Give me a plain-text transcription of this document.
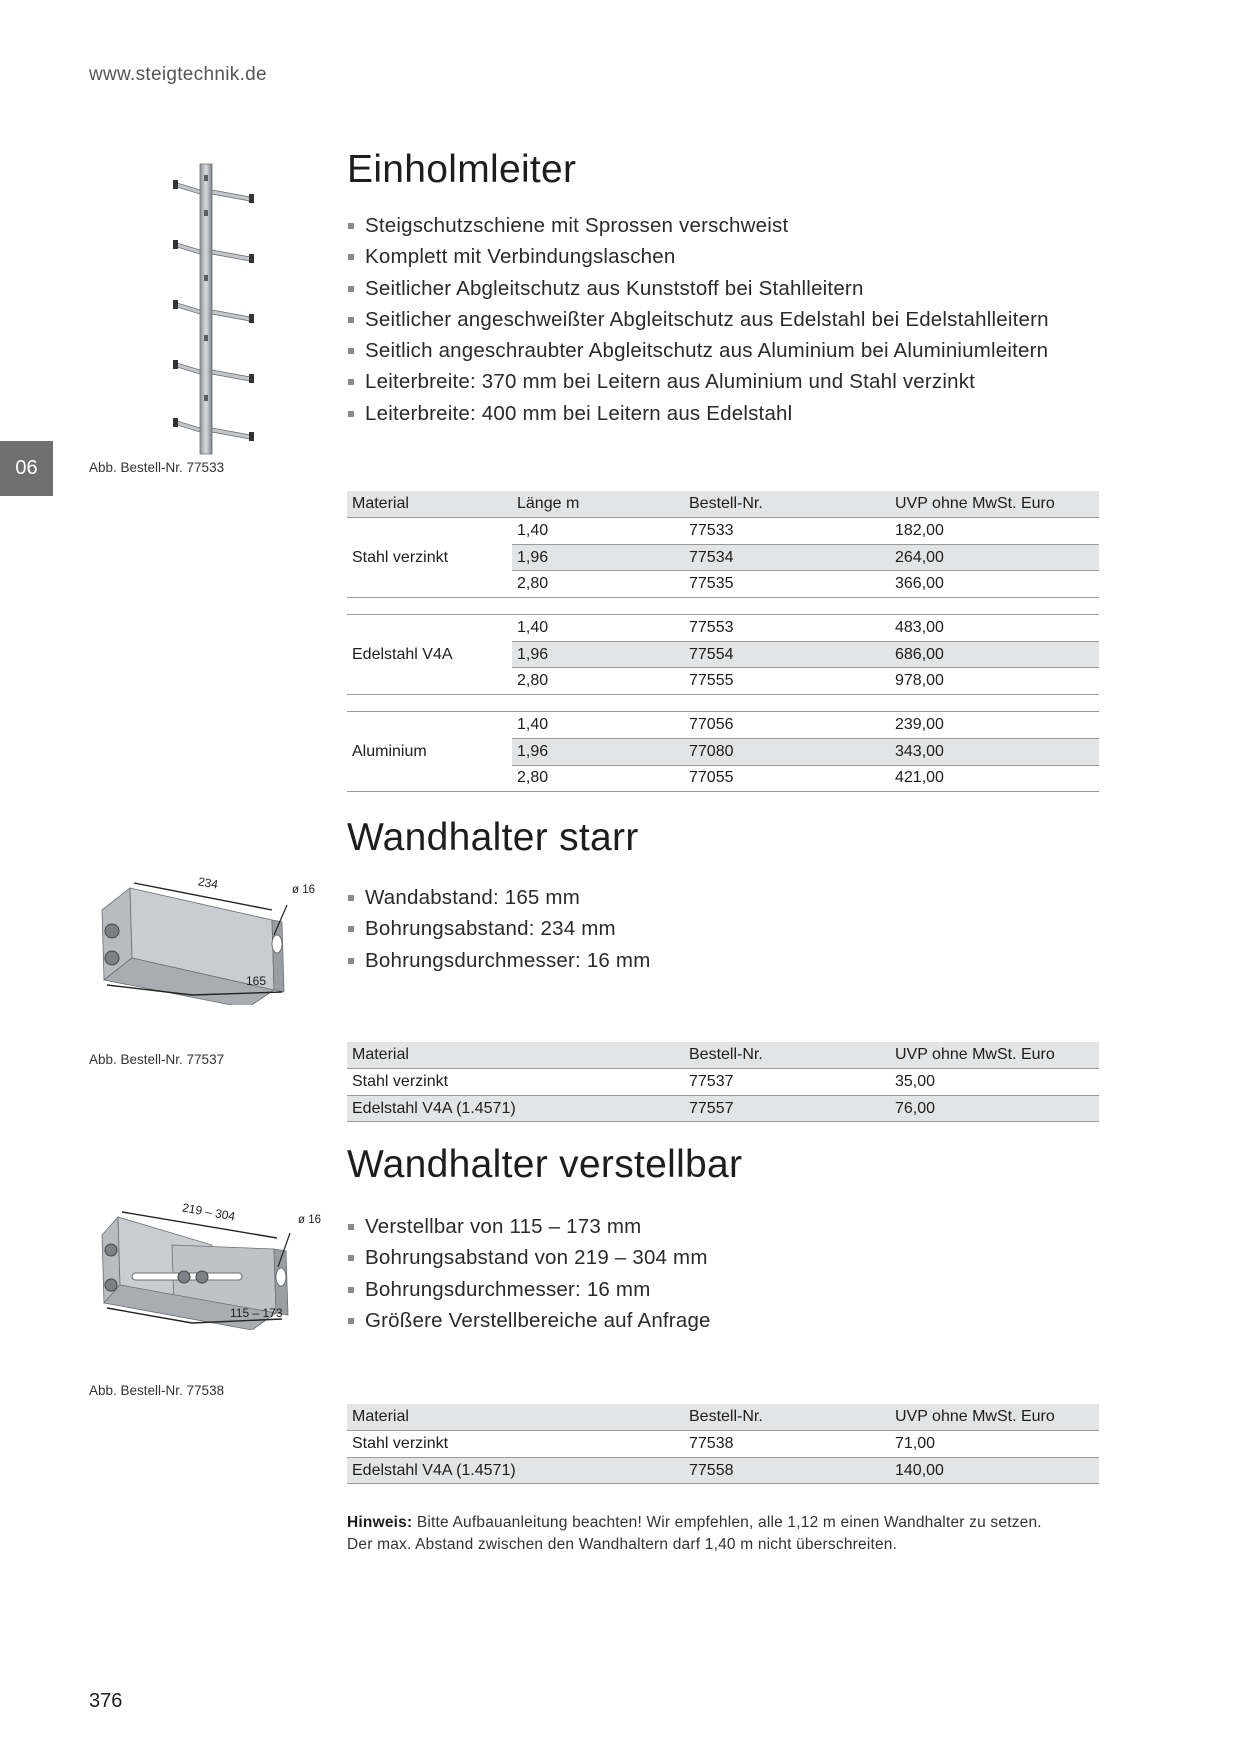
www.steigtechnik.de
06	Abb. Bestell-Nr. 77533
Einholmleiter
Steigschutzschiene mit Sprossen verschweist
Komplett mit Verbindungslaschen
Seitlicher Abgleitschutz aus Kunststoff bei Stahlleitern
Seitlicher angeschweißter Abgleitschutz aus Edelstahl bei Edelstahlleitern
Seitlich angeschraubter Abgleitschutz aus Aluminium bei Aluminiumleitern
Leiterbreite: 370 mm bei Leitern aus Aluminium und Stahl verzinkt
Leiterbreite: 400 mm bei Leitern aus Edelstahl
Material	Länge m	Bestell-Nr.	UVP ohne MwSt. Euro
Stahl verzinkt	1,40	77533	182,00
	1,96	77534	264,00
	2,80	77535	366,00

Edelstahl V4A	1,40	77553	483,00
	1,96	77554	686,00
	2,80	77555	978,00

Aluminium	1,40	77056	239,00
	1,96	77080	343,00
	2,80	77055	421,00
234	ø 16
165
Abb. Bestell-Nr. 77537
Wandhalter starr
Wandabstand: 165 mm
Bohrungsabstand: 234 mm
Bohrungsdurchmesser: 16 mm
Material	Bestell-Nr.	UVP ohne MwSt. Euro
Stahl verzinkt	77537	35,00
Edelstahl V4A (1.4571)	77557	76,00
219 – 304	ø 16
115 – 173
Abb. Bestell-Nr. 77538
Wandhalter verstellbar
Verstellbar von 115 – 173 mm
Bohrungsabstand von 219 – 304 mm
Bohrungsdurchmesser: 16 mm
Größere Verstellbereiche auf Anfrage
Material	Bestell-Nr.	UVP ohne MwSt. Euro
Stahl verzinkt	77538	71,00
Edelstahl V4A (1.4571)	77558	140,00
Hinweis: Bitte Aufbauanleitung beachten! Wir empfehlen, alle 1,12 m einen Wandhalter zu setzen.
Der max. Abstand zwischen den Wandhaltern darf 1,40 m nicht überschreiten.
376
